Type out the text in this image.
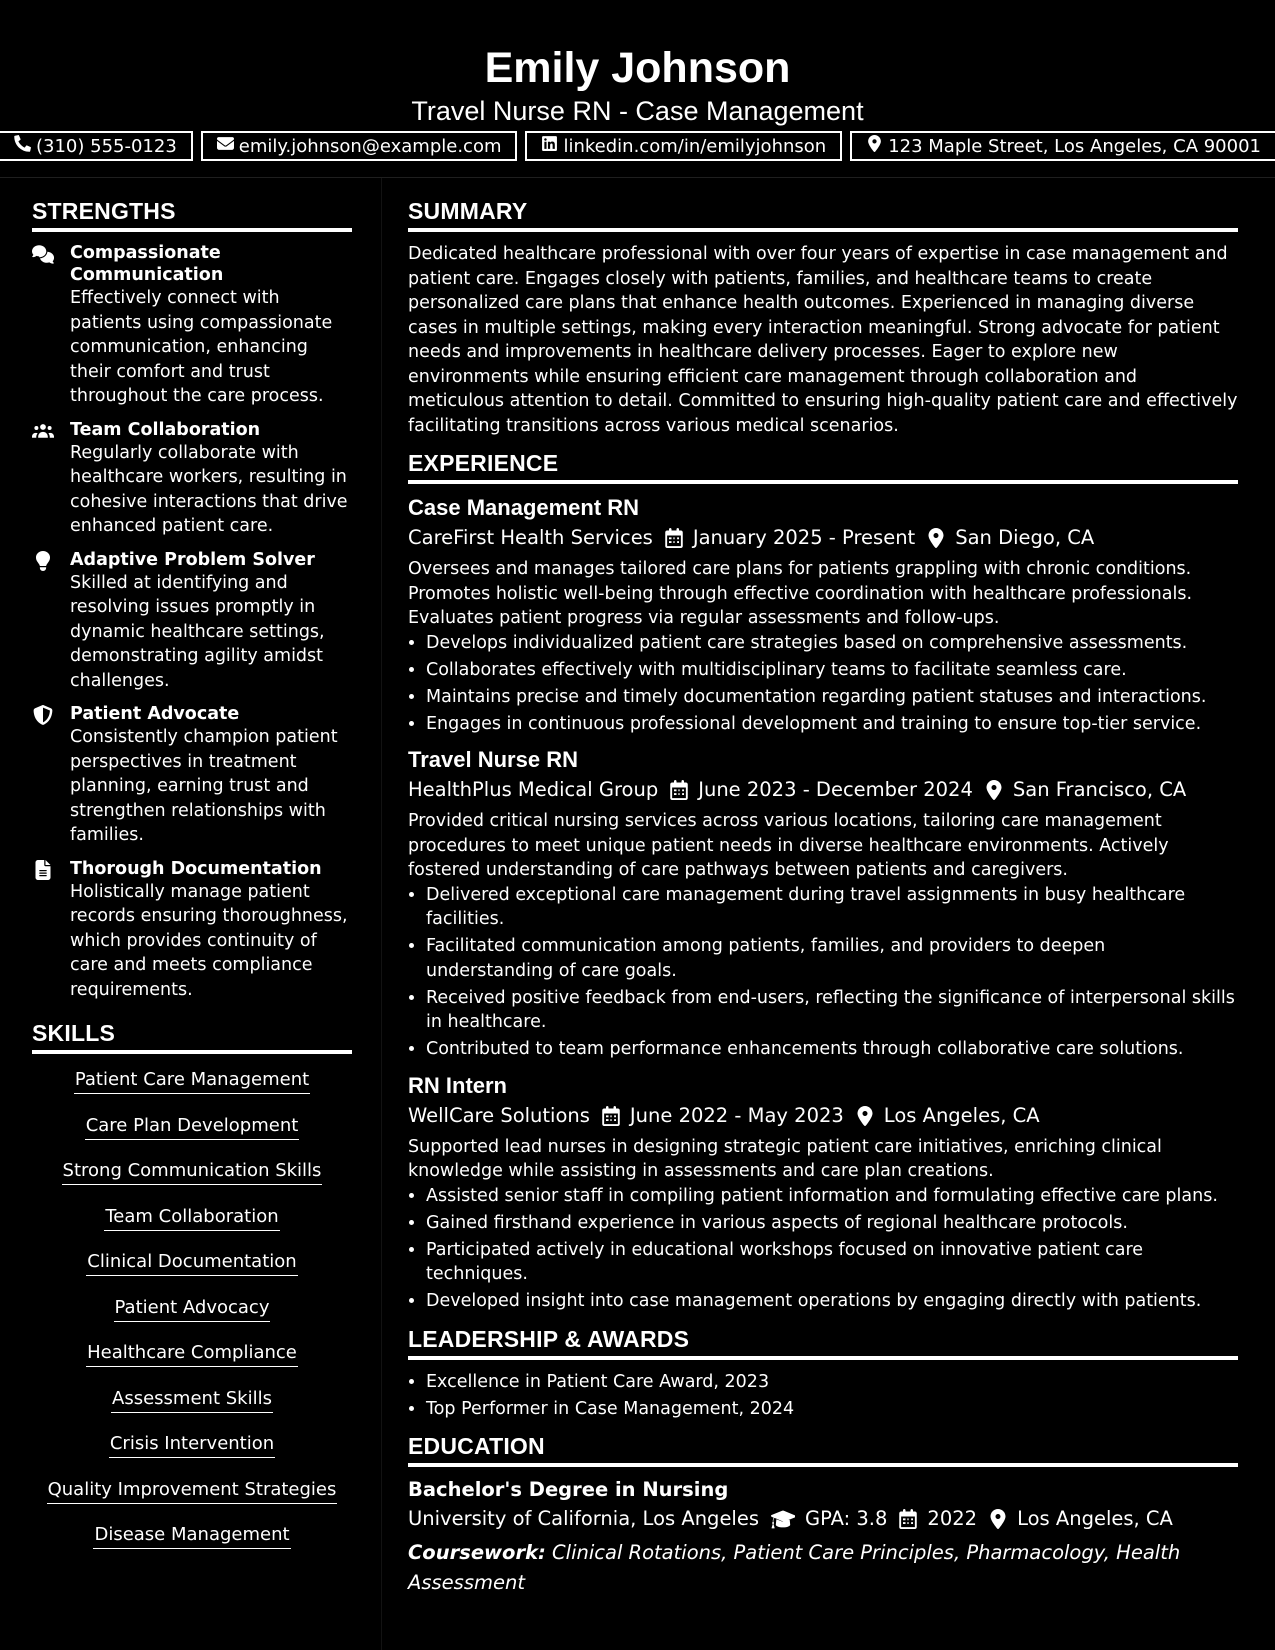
Emily Johnson
Travel Nurse RN - Case Management
(310) 555-0123	emily.johnson@example.com	linkedin.com/in/emilyjohnson	123 Maple Street, Los Angeles, CA 90001
STRENGTHS
Compassionate Communication
Effectively connect with patients using compassionate communication, enhancing their comfort and trust throughout the care process.
Team Collaboration
Regularly collaborate with healthcare workers, resulting in cohesive interactions that drive enhanced patient care.
Adaptive Problem Solver
Skilled at identifying and resolving issues promptly in dynamic healthcare settings, demonstrating agility amidst challenges.
Patient Advocate
Consistently champion patient perspectives in treatment planning, earning trust and strengthen relationships with families.
Thorough Documentation
Holistically manage patient records ensuring thoroughness, which provides continuity of care and meets compliance requirements.
SKILLS
Patient Care Management
Care Plan Development
Strong Communication Skills
Team Collaboration
Clinical Documentation
Patient Advocacy
Healthcare Compliance
Assessment Skills
Crisis Intervention
Quality Improvement Strategies
Disease Management
SUMMARY

Dedicated healthcare professional with over four years of expertise in case management and patient care. Engages closely with patients, families, and healthcare teams to create personalized care plans that enhance health outcomes. Experienced in managing diverse cases in multiple settings, making every interaction meaningful. Strong advocate for patient needs and improvements in healthcare delivery processes. Eager to explore new environments while ensuring efficient care management through collaboration and meticulous attention to detail. Committed to ensuring high-quality patient care and effectively facilitating transitions across various medical scenarios.

EXPERIENCE
Case Management RN
CareFirst Health Services January 2025 - Present San Diego, CA

Oversees and manages tailored care plans for patients grappling with chronic conditions. Promotes holistic well-being through effective coordination with healthcare professionals. Evaluates patient progress via regular assessments and follow-ups.

• Develops individualized patient care strategies based on comprehensive assessments.
• Collaborates effectively with multidisciplinary teams to facilitate seamless care.
• Maintains precise and timely documentation regarding patient statuses and interactions.
• Engages in continuous professional development and training to ensure top-tier service.
Travel Nurse RN
HealthPlus Medical Group June 2023 - December 2024 San Francisco, CA

Provided critical nursing services across various locations, tailoring care management procedures to meet unique patient needs in diverse healthcare environments. Actively fostered understanding of care pathways between patients and caregivers.

• Delivered exceptional care management during travel assignments in busy healthcare facilities.
• Facilitated communication among patients, families, and providers to deepen understanding of care goals.
• Received positive feedback from end-users, reflecting the significance of interpersonal skills in healthcare.
• Contributed to team performance enhancements through collaborative care solutions.
RN Intern
WellCare Solutions June 2022 - May 2023 Los Angeles, CA

Supported lead nurses in designing strategic patient care initiatives, enriching clinical knowledge while assisting in assessments and care plan creations.

• Assisted senior staff in compiling patient information and formulating effective care plans.
• Gained firsthand experience in various aspects of regional healthcare protocols.
• Participated actively in educational workshops focused on innovative patient care techniques.
• Developed insight into case management operations by engaging directly with patients.
LEADERSHIP & AWARDS
• Excellence in Patient Care Award, 2023
• Top Performer in Case Management, 2024
EDUCATION
Bachelor's Degree in Nursing
University of California, Los Angeles GPA: 3.8 2022 Los Angeles, CA
Coursework: Clinical Rotations, Patient Care Principles, Pharmacology, Health Assessment
